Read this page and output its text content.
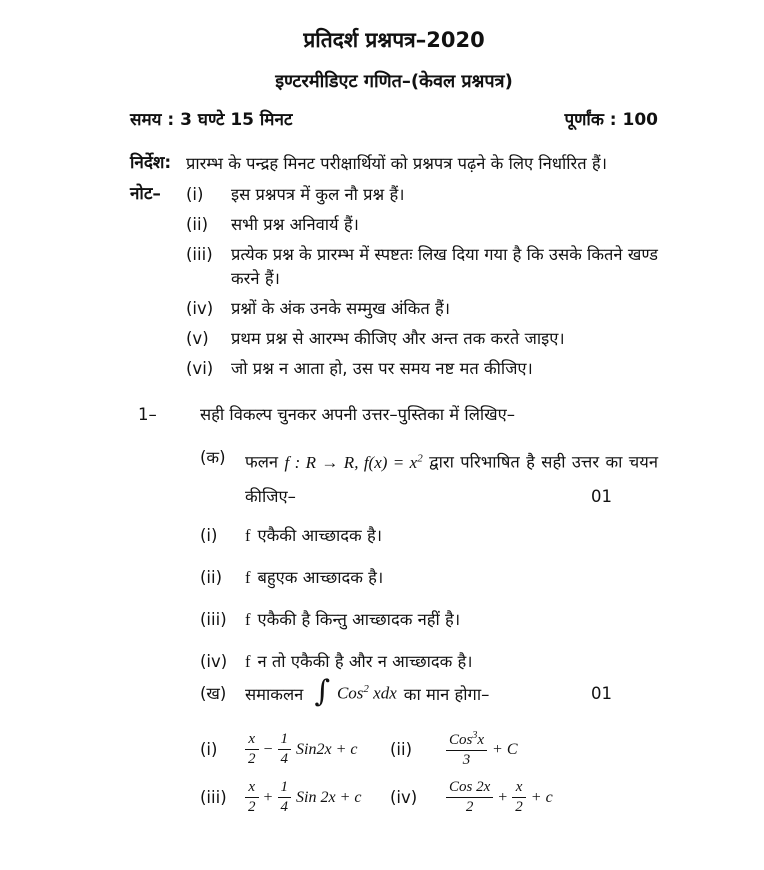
प्रतिदर्श प्रश्नपत्र–2020
इण्टरमीडिएट गणित–(केवल प्रश्नपत्र)
समय : 3 घण्टे 15 मिनट	पूर्णांक : 100
निर्देश: प्रारम्भ के पन्द्रह मिनट परीक्षार्थियों को प्रश्नपत्र पढ़ने के लिए निर्धारित हैं।
नोट–	(i)	इस प्रश्नपत्र में कुल नौ प्रश्न हैं।
(ii)	सभी प्रश्न अनिवार्य हैं।
(iii)	प्रत्येक प्रश्न के प्रारम्भ में स्पष्टतः लिख दिया गया है कि उसके कितने खण्ड करने हैं।
(iv)	प्रश्नों के अंक उनके सम्मुख अंकित हैं।
(v)	प्रथम प्रश्न से आरम्भ कीजिए और अन्त तक करते जाइए।
(vi)	जो प्रश्न न आता हो, उस पर समय नष्ट मत कीजिए।
1–	सही विकल्प चुनकर अपनी उत्तर–पुस्तिका में लिखिए–
(क)	फलन f : R → R, $f(x) = x^2$ द्वारा परिभाषित है सही उत्तर का चयन कीजिए–	01
(i)	f एकैकी आच्छादक है।
(ii)	f बहुएक आच्छादक है।
(iii)	f एकैकी है किन्तु आच्छादक नहीं है।
(iv)	f न तो एकैकी है और न आच्छादक है।
(ख)	समाकलन ∫ Cos$^2$ xdx का मान होगा–	01
(i)	$\frac{x}{2} - \frac{1}{4} Sin2x + c$ (ii)	$\frac{Cos^3x}{3} + C$
(iii)	$\frac{x}{2} + \frac{1}{4}$ Sin 2x + c (iv)	$\frac{\text{Cos 2x}}{2} + \frac{x}{2} + c$
